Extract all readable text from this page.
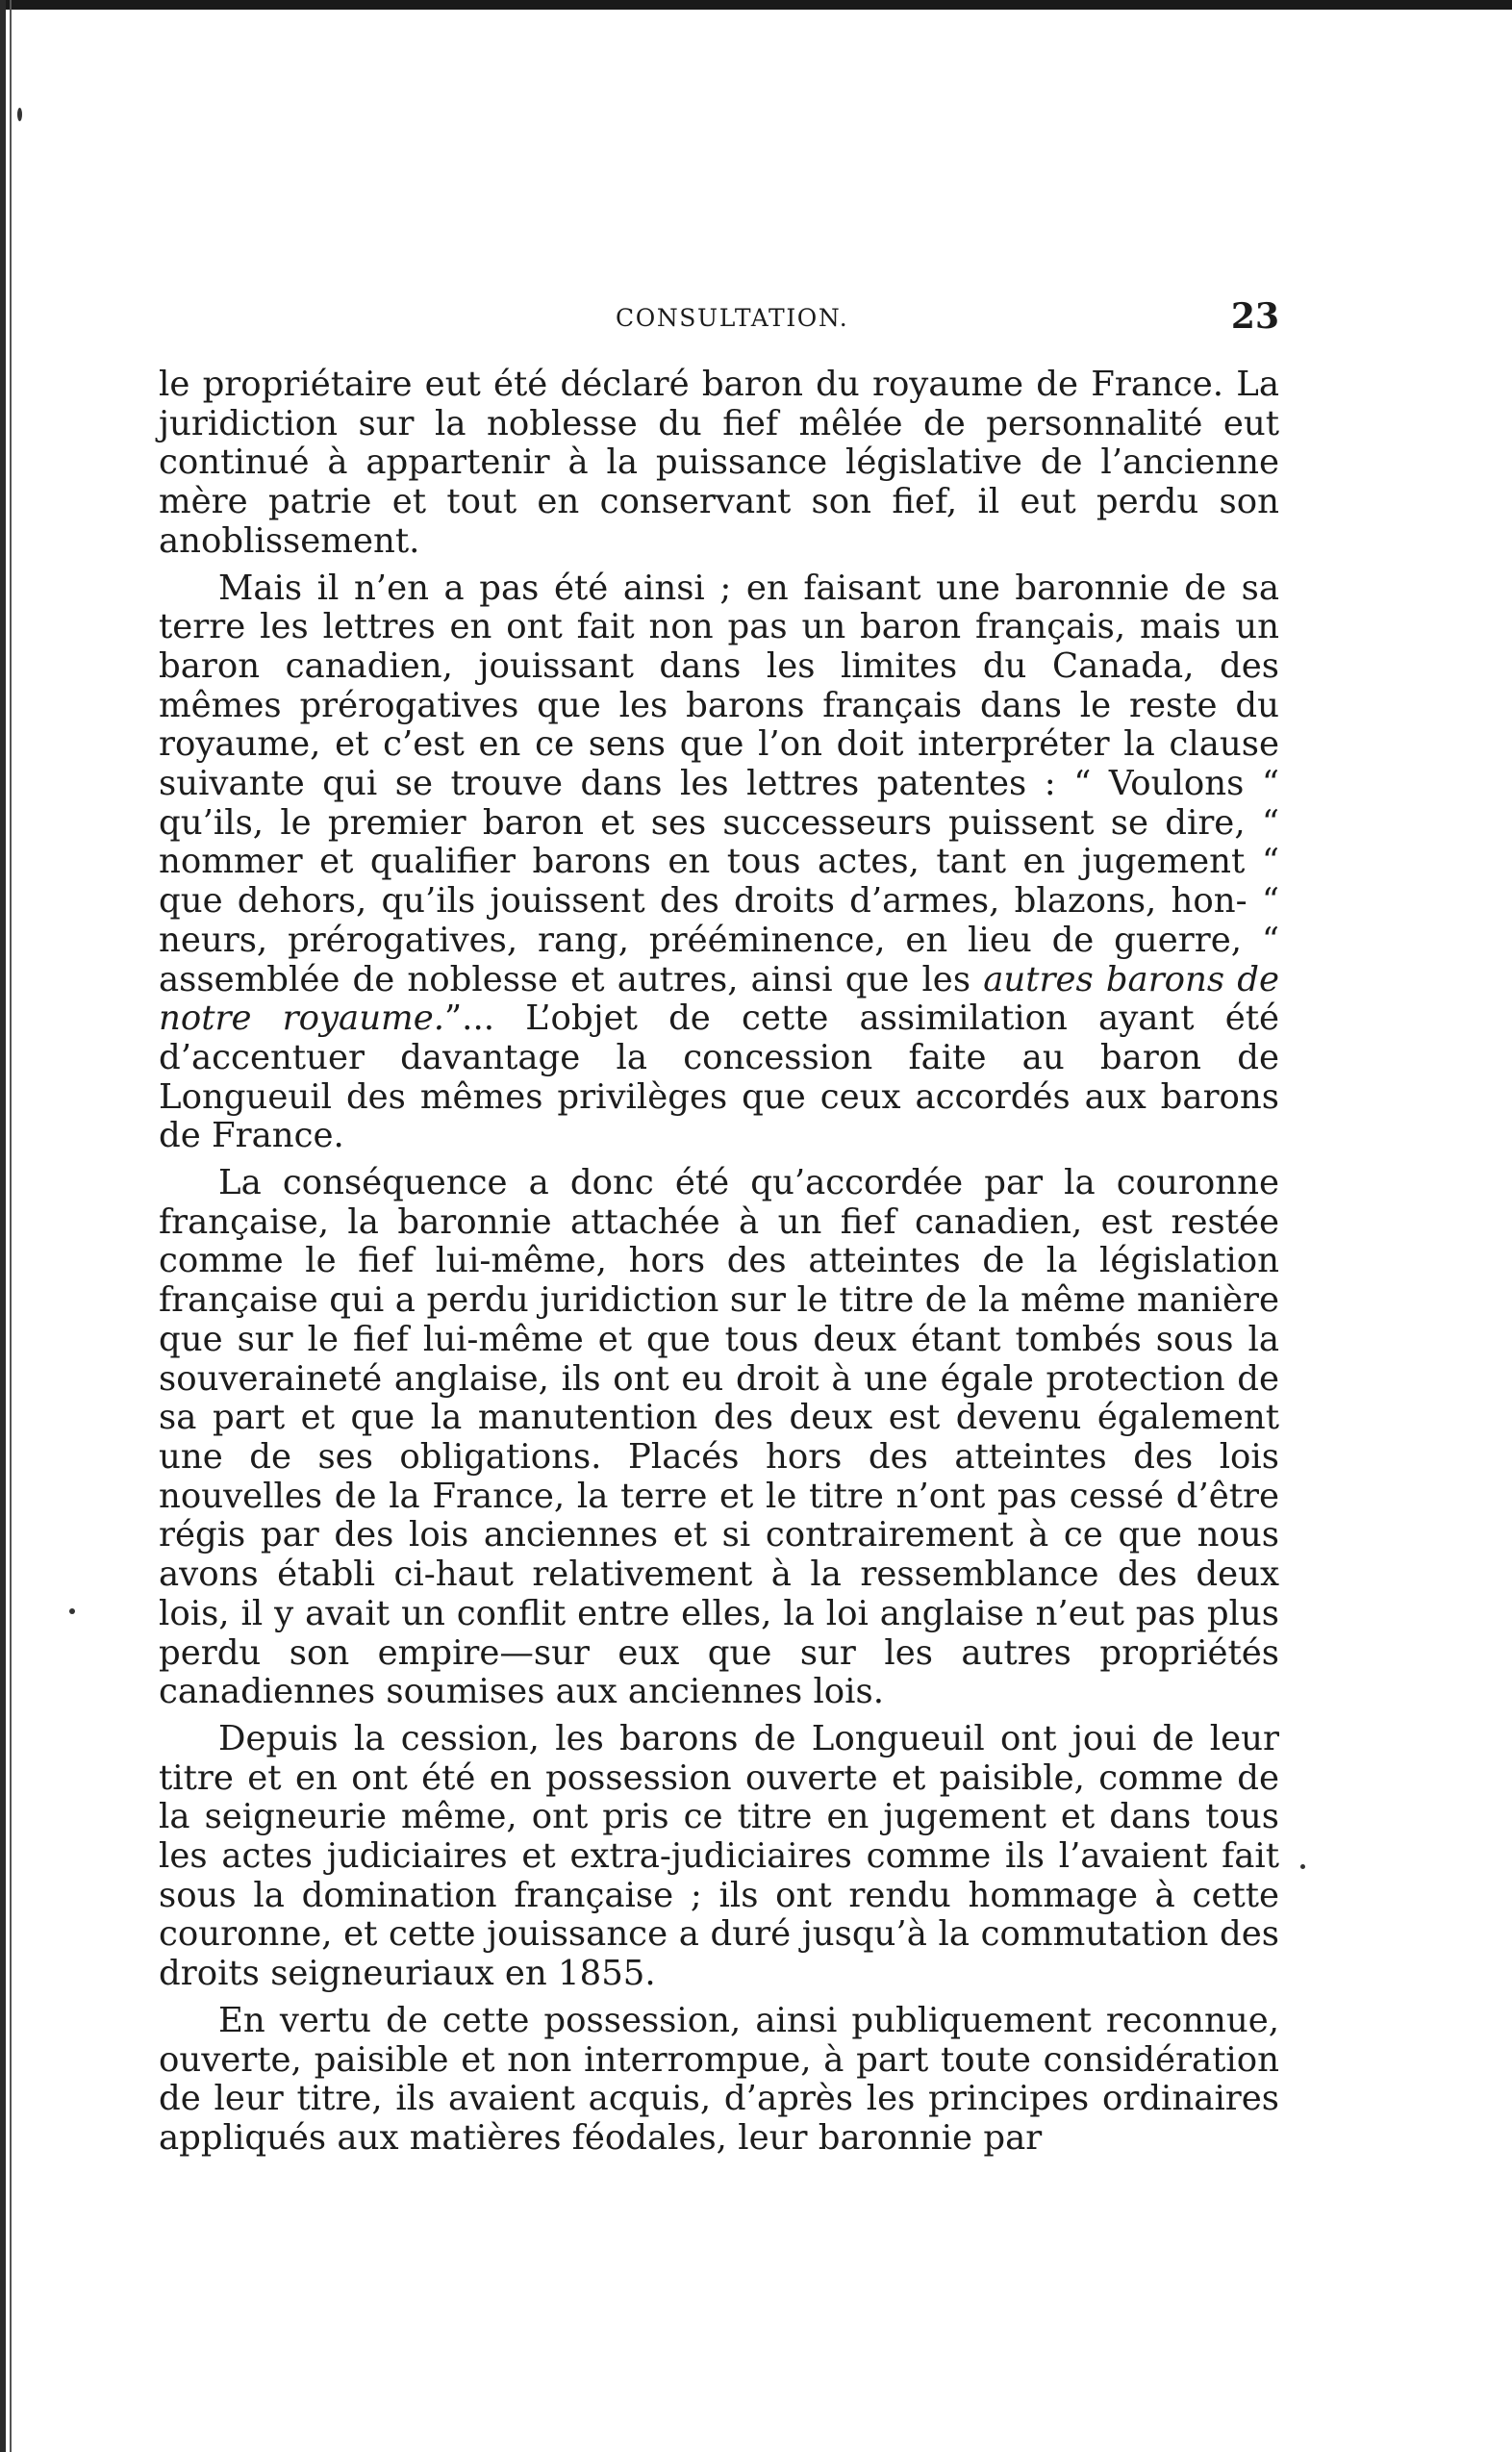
CONSULTATION.	23

le propriétaire eut été déclaré baron du royaume de France. La juridiction sur la noblesse du fief mêlée de personnalité eut continué à appartenir à la puissance législative de l’ancienne mère patrie et tout en conservant son fief, il eut perdu son anoblissement.

Mais il n’en a pas été ainsi ; en faisant une baronnie de sa terre les lettres en ont fait non pas un baron français, mais un baron canadien, jouissant dans les limites du Canada, des mêmes prérogatives que les barons français dans le reste du royaume, et c’est en ce sens que l’on doit interpréter la clause suivante qui se trouve dans les lettres patentes : “ Voulons “ qu’ils, le premier baron et ses successeurs puissent se dire, “ nommer et qualifier barons en tous actes, tant en jugement “ que dehors, qu’ils jouissent des droits d’armes, blazons, hon- “ neurs, prérogatives, rang, prééminence, en lieu de guerre, “ assemblée de noblesse et autres, ainsi que les autres barons de notre royaume.”... L’objet de cette assimilation ayant été d’accentuer davantage la concession faite au baron de Longueuil des mêmes privilèges que ceux accordés aux barons de France.

La conséquence a donc été qu’accordée par la couronne française, la baronnie attachée à un fief canadien, est restée comme le fief lui-même, hors des atteintes de la législation française qui a perdu juridiction sur le titre de la même manière que sur le fief lui-même et que tous deux étant tombés sous la souveraineté anglaise, ils ont eu droit à une égale protection de sa part et que la manutention des deux est devenu également une de ses obligations. Placés hors des atteintes des lois nouvelles de la France, la terre et le titre n’ont pas cessé d’être régis par des lois anciennes et si contrairement à ce que nous avons établi ci-haut relativement à la ressemblance des deux lois, il y avait un conflit entre elles, la loi anglaise n’eut pas plus perdu son empire—sur eux que sur les autres propriétés canadiennes soumises aux anciennes lois.

Depuis la cession, les barons de Longueuil ont joui de leur titre et en ont été en possession ouverte et paisible, comme de la seigneurie même, ont pris ce titre en jugement et dans tous les actes judiciaires et extra-judiciaires comme ils l’avaient fait sous la domination française ; ils ont rendu hommage à cette couronne, et cette jouissance a duré jusqu’à la commutation des droits seigneuriaux en 1855.

En vertu de cette possession, ainsi publiquement reconnue, ouverte, paisible et non interrompue, à part toute considération de leur titre, ils avaient acquis, d’après les principes ordinaires appliqués aux matières féodales, leur baronnie par
